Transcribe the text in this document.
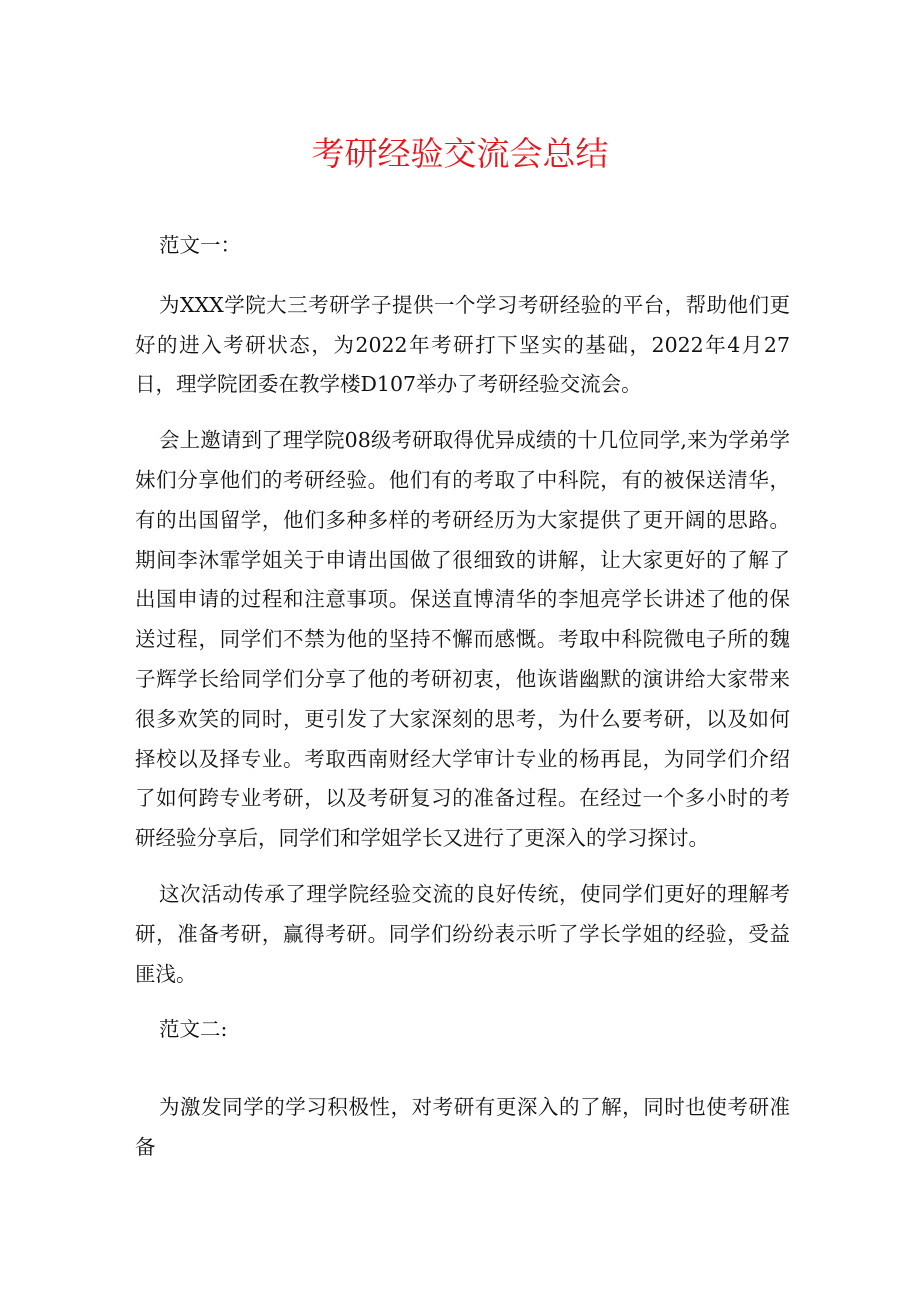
考研经验交流会总结

范文一：

为XXX学院大三考研学子提供一个学习考研经验的平台，帮助他们更好的进入考研状态，为2022年考研打下坚实的基础，2022年4月27日，理学院团委在教学楼D107举办了考研经验交流会。

会上邀请到了理学院08级考研取得优异成绩的十几位同学,来为学弟学妹们分享他们的考研经验。他们有的考取了中科院，有的被保送清华，有的出国留学，他们多种多样的考研经历为大家提供了更开阔的思路。期间李沐霏学姐关于申请出国做了很细致的讲解，让大家更好的了解了出国申请的过程和注意事项。保送直博清华的李旭亮学长讲述了他的保送过程，同学们不禁为他的坚持不懈而感慨。考取中科院微电子所的魏子辉学长给同学们分享了他的考研初衷，他诙谐幽默的演讲给大家带来很多欢笑的同时，更引发了大家深刻的思考，为什么要考研，以及如何择校以及择专业。考取西南财经大学审计专业的杨再昆，为同学们介绍了如何跨专业考研，以及考研复习的准备过程。在经过一个多小时的考研经验分享后，同学们和学姐学长又进行了更深入的学习探讨。

这次活动传承了理学院经验交流的良好传统，使同学们更好的理解考研，准备考研，赢得考研。同学们纷纷表示听了学长学姐的经验，受益匪浅。

范文二:

为激发同学的学习积极性，对考研有更深入的了解，同时也使考研准备
